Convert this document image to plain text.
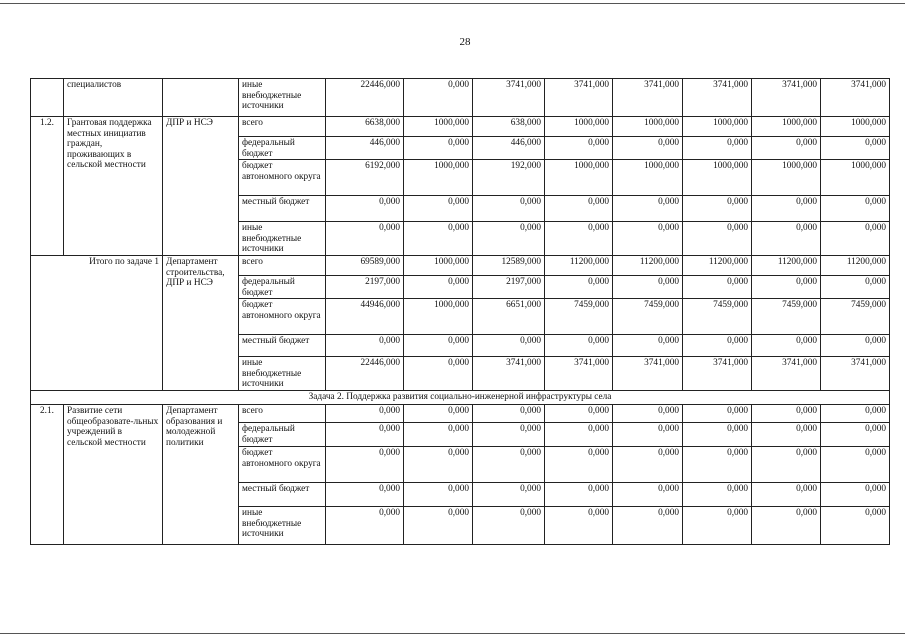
28
	специалистов		иные внебюджетные источники	22446,000	0,000	3741,000	3741,000	3741,000	3741,000	3741,000	3741,000
1.2.	Грантовая поддержка местных инициатив граждан, проживающих в сельской местности	ДПР и НСЭ	всего	6638,000	1000,000	638,000	1000,000	1000,000	1000,000	1000,000	1000,000
			федеральный бюджет	446,000	0,000	446,000	0,000	0,000	0,000	0,000	0,000
			бюджет автономного округа	6192,000	1000,000	192,000	1000,000	1000,000	1000,000	1000,000	1000,000
			местный бюджет	0,000	0,000	0,000	0,000	0,000	0,000	0,000	0,000
			иные внебюджетные источники	0,000	0,000	0,000	0,000	0,000	0,000	0,000	0,000
Итого по задаче 1		Департамент строительства, ДПР и НСЭ	всего	69589,000	1000,000	12589,000	11200,000	11200,000	11200,000	11200,000	11200,000
			федеральный бюджет	2197,000	0,000	2197,000	0,000	0,000	0,000	0,000	0,000
			бюджет автономного округа	44946,000	1000,000	6651,000	7459,000	7459,000	7459,000	7459,000	7459,000
			местный бюджет	0,000	0,000	0,000	0,000	0,000	0,000	0,000	0,000
			иные внебюджетные источники	22446,000	0,000	3741,000	3741,000	3741,000	3741,000	3741,000	3741,000
Задача 2. Поддержка развития социально-инженерной инфраструктуры села											
2.1.	Развитие сети общеобразовате-льных учреждений в сельской местности	Департамент образования и молодежной политики	всего	0,000	0,000	0,000	0,000	0,000	0,000	0,000	0,000
			федеральный бюджет	0,000	0,000	0,000	0,000	0,000	0,000	0,000	0,000
			бюджет автономного округа	0,000	0,000	0,000	0,000	0,000	0,000	0,000	0,000
			местный бюджет	0,000	0,000	0,000	0,000	0,000	0,000	0,000	0,000
			иные внебюджетные источники	0,000	0,000	0,000	0,000	0,000	0,000	0,000	0,000
